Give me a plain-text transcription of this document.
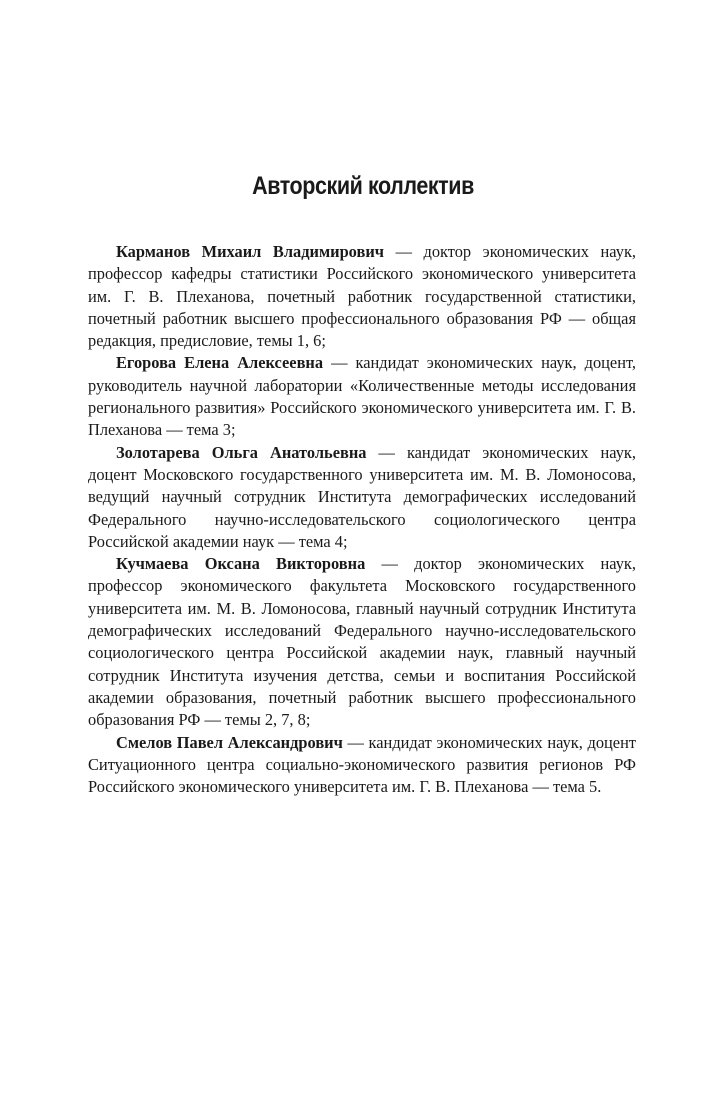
Авторский коллектив

Карманов Михаил Владимирович — доктор экономических наук, профессор кафедры статистики Российского экономического университета им. Г. В. Плеханова, почетный работник государственной статистики, почетный работник высшего профессионального образования РФ — общая редакция, предисловие, темы 1, 6;

Егорова Елена Алексеевна — кандидат экономических наук, доцент, руководитель научной лаборатории «Количественные методы исследования регионального развития» Российского экономического университета им. Г. В. Плеханова — тема 3;

Золотарева Ольга Анатольевна — кандидат экономических наук, доцент Московского государственного университета им. М. В. Ломоносова, ведущий научный сотрудник Института демографических исследований Федерального научно-исследовательского социологического центра Российской академии наук — тема 4;

Кучмаева Оксана Викторовна — доктор экономических наук, профессор экономического факультета Московского государственного университета им. М. В. Ломоносова, главный научный сотрудник Института демографических исследований Федерального научно-исследовательского социологического центра Российской академии наук, главный научный сотрудник Института изучения детства, семьи и воспитания Российской академии образования, почетный работник высшего профессионального образования РФ — темы 2, 7, 8;

Смелов Павел Александрович — кандидат экономических наук, доцент Ситуационного центра социально-экономического развития регионов РФ Российского экономического университета им. Г. В. Плеханова — тема 5.
